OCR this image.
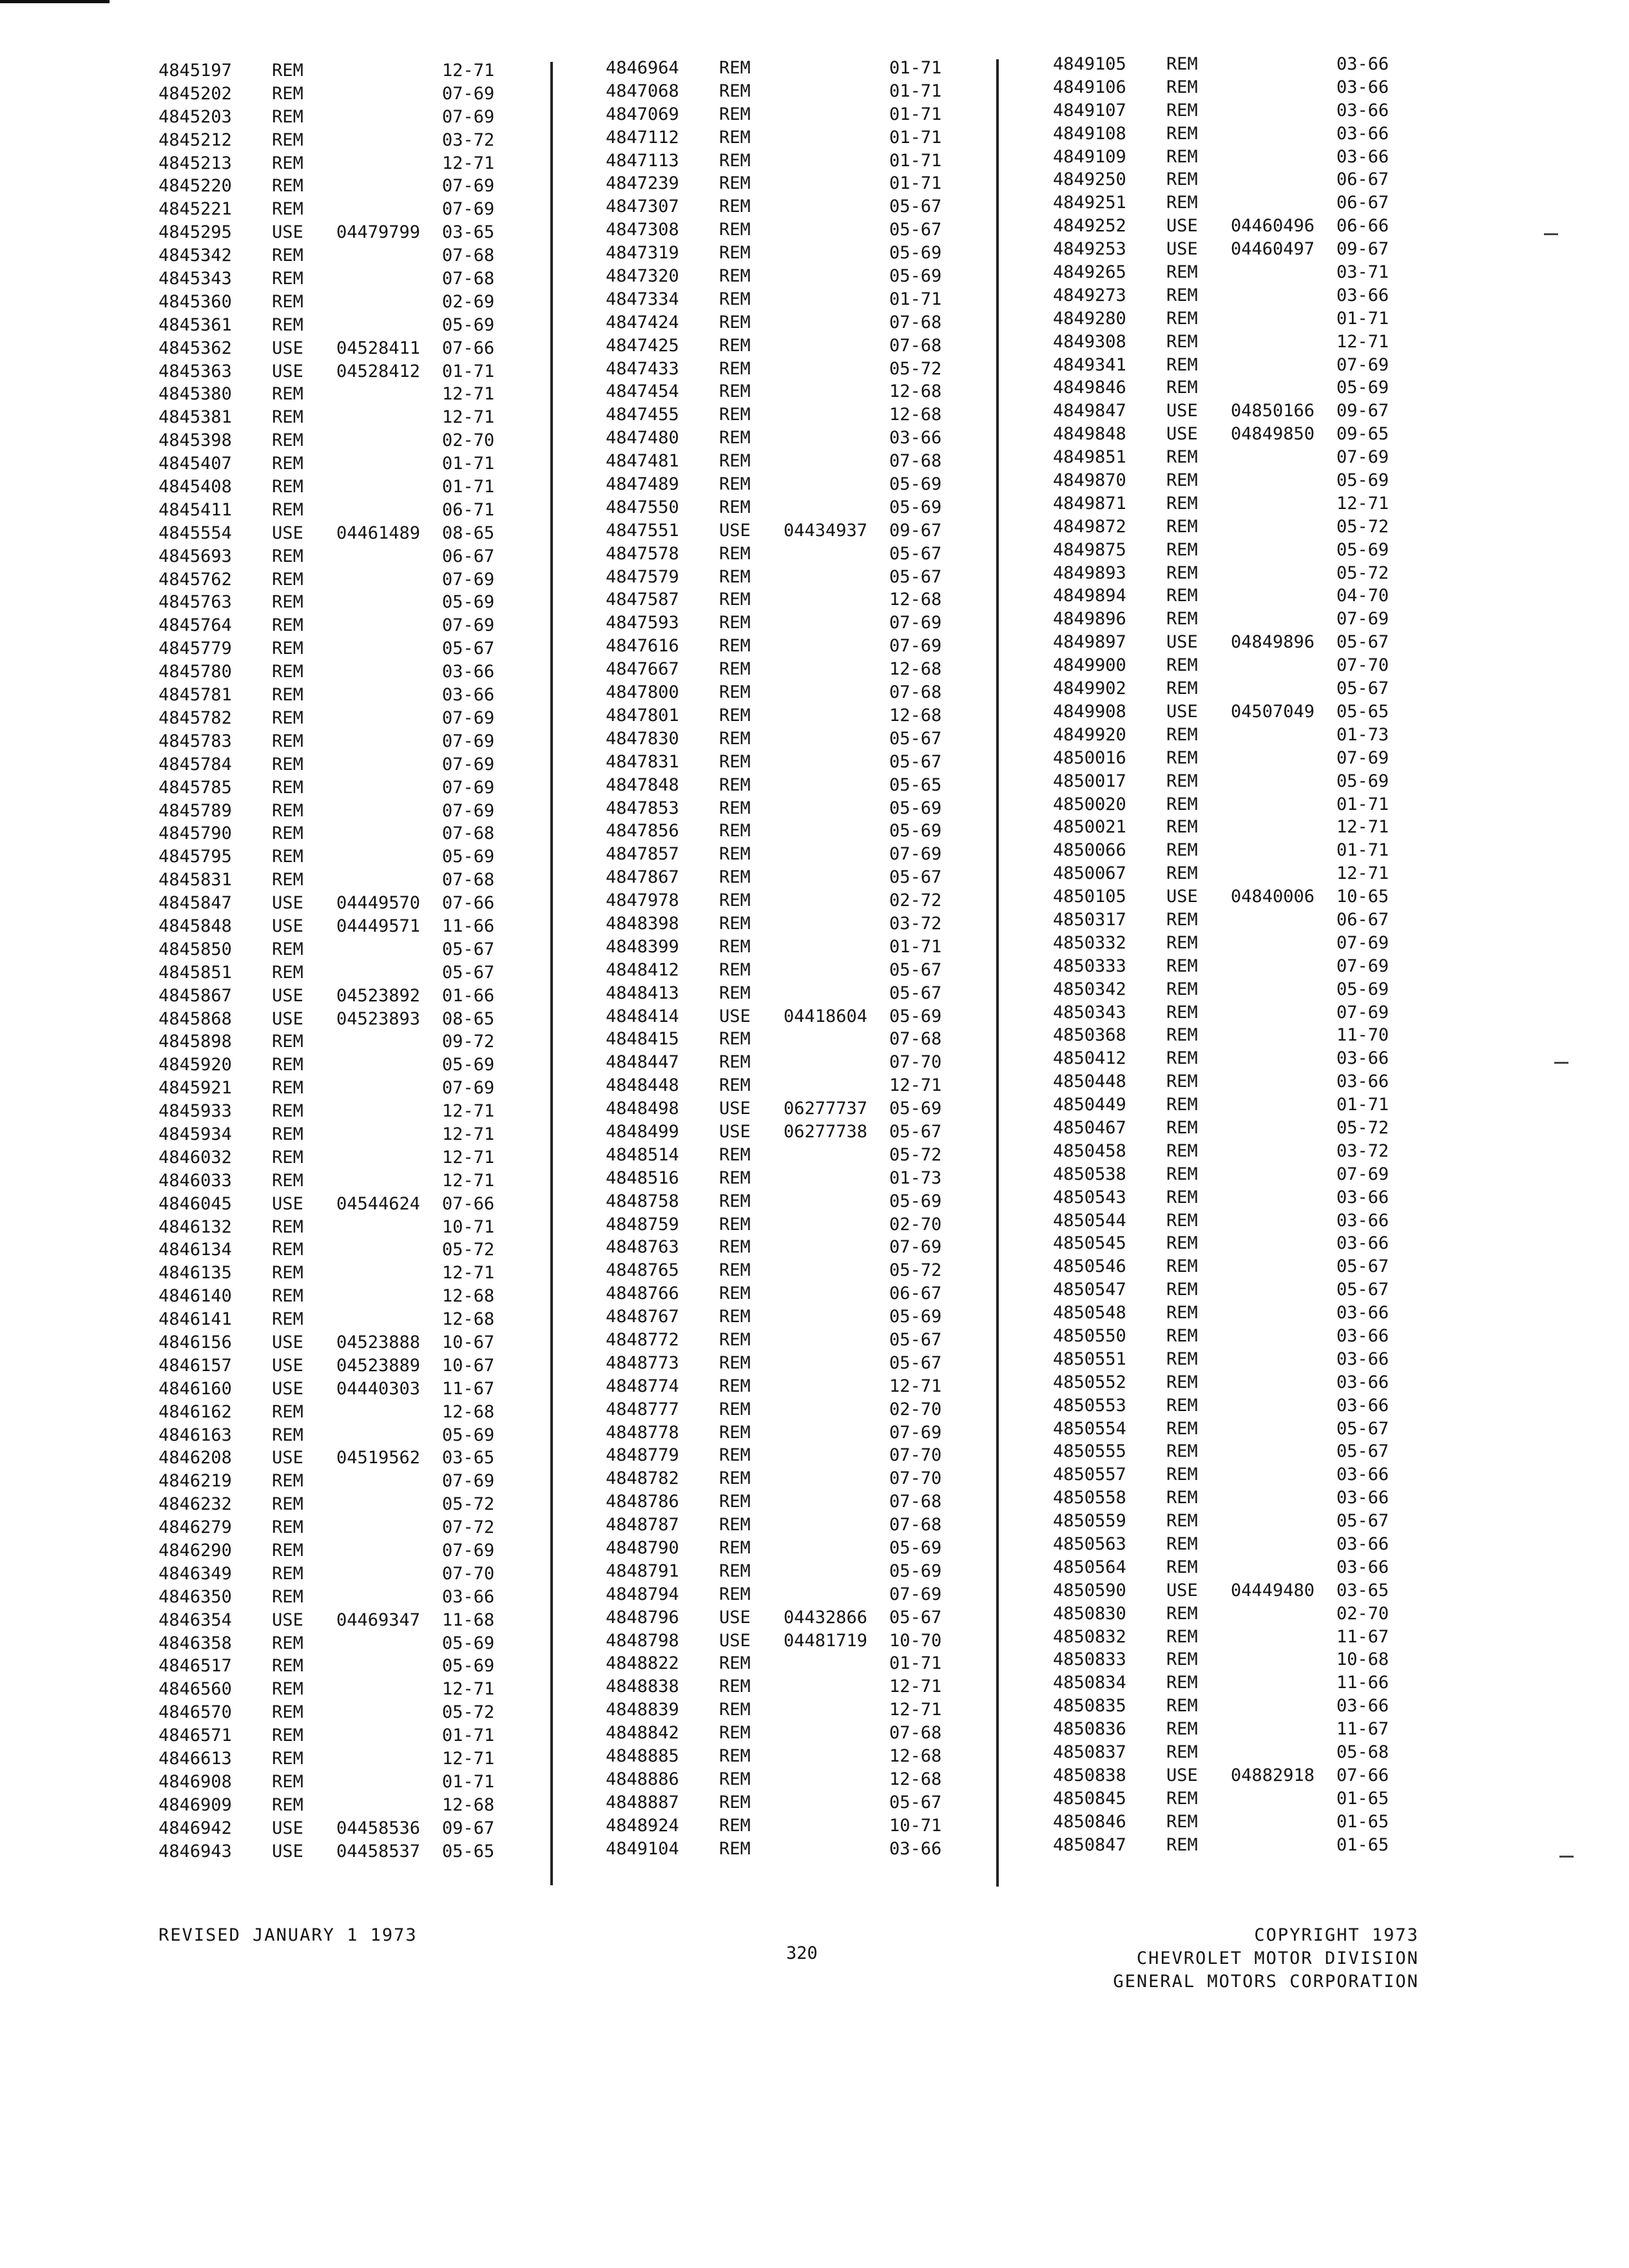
4845197 REM	12-71
4845202 REM	07-69
4845203 REM	07-69
4845212 REM	03-72
4845213 REM	12-71
4845220 REM	07-69
4845221 REM	07-69
4845295 USE 04479799 03-65
4845342 REM	07-68
4845343 REM	07-68
4845360 REM	02-69
4845361 REM	05-69
4845362 USE 04528411 07-66
4845363 USE 04528412 01-71
4845380 REM	12-71
4845381 REM	12-71
4845398 REM	02-70
4845407 REM	01-71
4845408 REM	01-71
4845411 REM	06-71
4845554 USE 04461489 08-65
4845693 REM	06-67
4845762 REM	07-69
4845763 REM	05-69
4845764 REM	07-69
4845779 REM	05-67
4845780 REM	03-66
4845781 REM	03-66
4845782 REM	07-69
4845783 REM	07-69
4845784 REM	07-69
4845785 REM	07-69
4845789 REM	07-69
4845790 REM	07-68
4845795 REM	05-69
4845831 REM	07-68
4845847 USE 04449570 07-66
4845848 USE 04449571 11-66
4845850 REM	05-67
4845851 REM	05-67
4845867 USE 04523892 01-66
4845868 USE 04523893 08-65
4845898 REM	09-72
4845920 REM	05-69
4845921 REM	07-69
4845933 REM	12-71
4845934 REM	12-71
4846032 REM	12-71
4846033 REM	12-71
4846045 USE 04544624 07-66
4846132 REM	10-71
4846134 REM	05-72
4846135 REM	12-71
4846140 REM	12-68
4846141 REM	12-68
4846156 USE 04523888 10-67
4846157 USE 04523889 10-67
4846160 USE 04440303 11-67
4846162 REM	12-68
4846163 REM	05-69
4846208 USE 04519562 03-65
4846219 REM	07-69
4846232 REM	05-72
4846279 REM	07-72
4846290 REM	07-69
4846349 REM	07-70
4846350 REM	03-66
4846354 USE 04469347 11-68
4846358 REM	05-69
4846517 REM	05-69
4846560 REM	12-71
4846570 REM	05-72
4846571 REM	01-71
4846613 REM	12-71
4846908 REM	01-71
4846909 REM	12-68
4846942 USE 04458536 09-67
4846943 USE 04458537 05-65
4846964 REM	01-71
4847068 REM	01-71
4847069 REM	01-71
4847112 REM	01-71
4847113 REM	01-71
4847239 REM	01-71
4847307 REM	05-67
4847308 REM	05-67
4847319 REM	05-69
4847320 REM	05-69
4847334 REM	01-71
4847424 REM	07-68
4847425 REM	07-68
4847433 REM	05-72
4847454 REM	12-68
4847455 REM	12-68
4847480 REM	03-66
4847481 REM	07-68
4847489 REM	05-69
4847550 REM	05-69
4847551 USE 04434937 09-67
4847578 REM	05-67
4847579 REM	05-67
4847587 REM	12-68
4847593 REM	07-69
4847616 REM	07-69
4847667 REM	12-68
4847800 REM	07-68
4847801 REM	12-68
4847830 REM	05-67
4847831 REM	05-67
4847848 REM	05-65
4847853 REM	05-69
4847856 REM	05-69
4847857 REM	07-69
4847867 REM	05-67
4847978 REM	02-72
4848398 REM	03-72
4848399 REM	01-71
4848412 REM	05-67
4848413 REM	05-67
4848414 USE 04418604 05-69
4848415 REM	07-68
4848447 REM	07-70
4848448 REM	12-71
4848498 USE 06277737 05-69
4848499 USE 06277738 05-67
4848514 REM	05-72
4848516 REM	01-73
4848758 REM	05-69
4848759 REM	02-70
4848763 REM	07-69
4848765 REM	05-72
4848766 REM	06-67
4848767 REM	05-69
4848772 REM	05-67
4848773 REM	05-67
4848774 REM	12-71
4848777 REM	02-70
4848778 REM	07-69
4848779 REM	07-70
4848782 REM	07-70
4848786 REM	07-68
4848787 REM	07-68
4848790 REM	05-69
4848791 REM	05-69
4848794 REM	07-69
4848796 USE 04432866 05-67
4848798 USE 04481719 10-70
4848822 REM	01-71
4848838 REM	12-71
4848839 REM	12-71
4848842 REM	07-68
4848885 REM	12-68
4848886 REM	12-68
4848887 REM	05-67
4848924 REM	10-71
4849104 REM	03-66
4849105 REM	03-66
4849106 REM	03-66
4849107 REM	03-66
4849108 REM	03-66
4849109 REM	03-66
4849250 REM	06-67
4849251 REM	06-67
4849252 USE 04460496 06-66
4849253 USE 04460497 09-67
4849265 REM	03-71
4849273 REM	03-66
4849280 REM	01-71
4849308 REM	12-71
4849341 REM	07-69
4849846 REM	05-69
4849847 USE 04850166 09-67
4849848 USE 04849850 09-65
4849851 REM	07-69
4849870 REM	05-69
4849871 REM	12-71
4849872 REM	05-72
4849875 REM	05-69
4849893 REM	05-72
4849894 REM	04-70
4849896 REM	07-69
4849897 USE 04849896 05-67
4849900 REM	07-70
4849902 REM	05-67
4849908 USE 04507049 05-65
4849920 REM	01-73
4850016 REM	07-69
4850017 REM	05-69
4850020 REM	01-71
4850021 REM	12-71
4850066 REM	01-71
4850067 REM	12-71
4850105 USE 04840006 10-65
4850317 REM	06-67
4850332 REM	07-69
4850333 REM	07-69
4850342 REM	05-69
4850343 REM	07-69
4850368 REM	11-70
4850412 REM	03-66
4850448 REM	03-66
4850449 REM	01-71
4850467 REM	05-72
4850458 REM	03-72
4850538 REM	07-69
4850543 REM	03-66
4850544 REM	03-66
4850545 REM	03-66
4850546 REM	05-67
4850547 REM	05-67
4850548 REM	03-66
4850550 REM	03-66
4850551 REM	03-66
4850552 REM	03-66
4850553 REM	03-66
4850554 REM	05-67
4850555 REM	05-67
4850557 REM	03-66
4850558 REM	03-66
4850559 REM	05-67
4850563 REM	03-66
4850564 REM	03-66
4850590 USE 04449480 03-65
4850830 REM	02-70
4850832 REM	11-67
4850833 REM	10-68
4850834 REM	11-66
4850835 REM	03-66
4850836 REM	11-67
4850837 REM	05-68
4850838 USE 04882918 07-66
4850845 REM	01-65
4850846 REM	01-65
4850847 REM	01-65
REVISED JANUARY 1 1973
320
COPYRIGHT 1973
CHEVROLET MOTOR DIVISION
GENERAL MOTORS CORPORATION
